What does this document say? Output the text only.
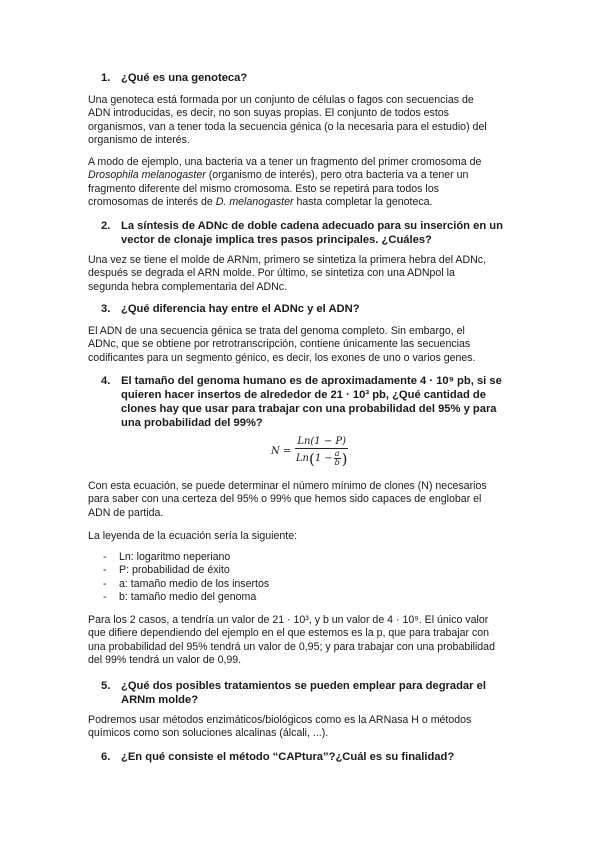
1. ¿Qué es una genoteca?

Una genoteca está formada por un conjunto de células o fagos con secuencias de
ADN introducidas, es decir, no son suyas propias. El conjunto de todos estos
organismos, van a tener toda la secuencia génica (o la necesaria para el estudio) del
organismo de interés.

A modo de ejemplo, una bacteria va a tener un fragmento del primer cromosoma de
Drosophila melanogaster (organismo de interés), pero otra bacteria va a tener un
fragmento diferente del mismo cromosoma. Esto se repetirá para todos los
cromosomas de interés de D. melanogaster hasta completar la genoteca.

2. La síntesis de ADNc de doble cadena adecuado para su inserción en un
vector de clonaje implica tres pasos principales. ¿Cuáles?

Una vez se tiene el molde de ARNm, primero se sintetiza la primera hebra del ADNc,
después se degrada el ARN molde. Por último, se sintetiza con una ADNpol la
segunda hebra complementaria del ADNc.

3. ¿Qué diferencia hay entre el ADNc y el ADN?

El ADN de una secuencia génica se trata del genoma completo. Sin embargo, el
ADNc, que se obtiene por retrotranscripción, contiene únicamente las secuencias
codificantes para un segmento génico, es decir, los exones de uno o varios genes.

4. El tamaño del genoma humano es de aproximadamente 4 · 10⁹ pb, si se
quieren hacer insertos de alrededor de 21 · 10³ pb, ¿Qué cantidad de
clones hay que usar para trabajar con una probabilidad del 95% y para
una probabilidad del 99%?

$N = \frac{Ln(1 - P)}{Ln ( 1 - \frac{a}{b} )}$

Con esta ecuación, se puede determinar el número mínimo de clones (N) necesarios
para saber con una certeza del 95% o 99% que hemos sido capaces de englobar el
ADN de partida.

La leyenda de la ecuación sería la siguiente:

- Ln: logaritmo neperiano
- P: probabilidad de éxito
- a: tamaño medio de los insertos
- b: tamaño medio del genoma

Para los 2 casos, a tendría un valor de 21 · 10³, y b un valor de 4 · 10⁹. El único valor
que difiere dependiendo del ejemplo en el que estemos es la p, que para trabajar con
una probabilidad del 95% tendrá un valor de 0,95; y para trabajar con una probabilidad
del 99% tendrá un valor de 0,99.

5. ¿Qué dos posibles tratamientos se pueden emplear para degradar el
ARNm molde?

Podremos usar métodos enzimáticos/biológicos como es la ARNasa H o métodos
químicos como son soluciones alcalinas (álcali, ...).

6. ¿En qué consiste el método “CAPtura”?¿Cuál es su finalidad?
